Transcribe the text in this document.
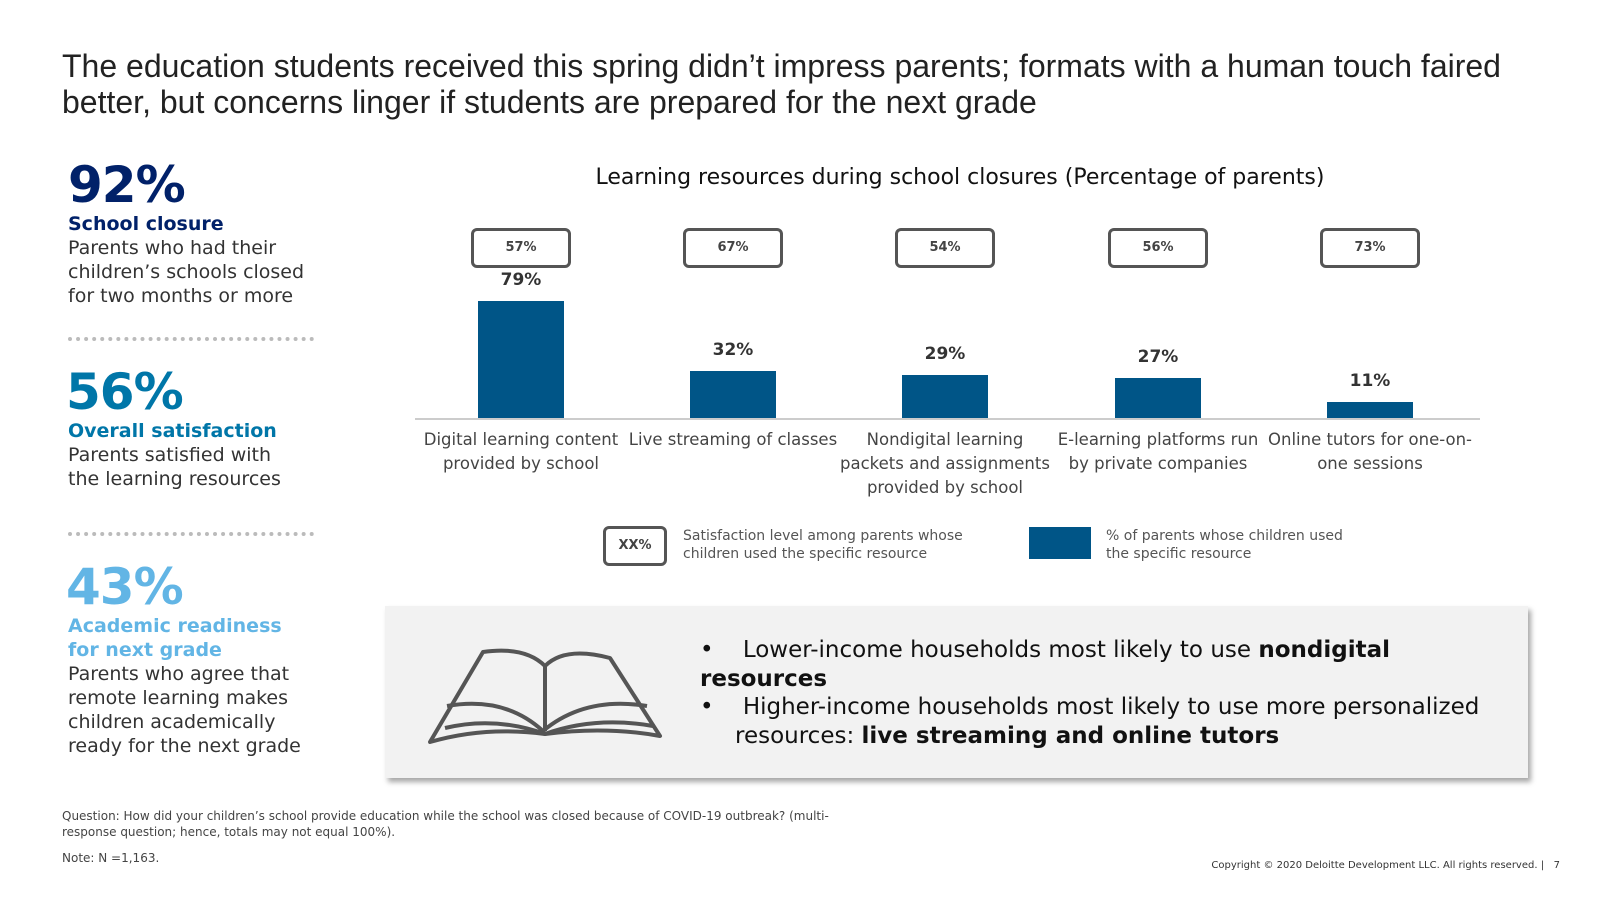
The education students received this spring didn’t impress parents; formats with a human touch faired better, but concerns linger if students are prepared for the next grade
92%
School closure
Parents who had their children’s schools closed for two months or more
56%
Overall satisfaction
Parents satisfied with the learning resources
43%
Academic readiness for next grade
Parents who agree that remote learning makes children academically ready for the next grade
Learning resources during school closures (Percentage of parents)
79%
57%
Digital learning content provided by school
32%
67%
Live streaming of classes
29%
54%
Nondigital learning packets and assignments provided by school
27%
56%
E-learning platforms run by private companies
11%
73%
Online tutors for one-on-one sessions
XX%
Satisfaction level among parents whose children used the specific resource
% of parents whose children used the specific resource
•    Lower-income households most likely to use nondigital resources
•    Higher-income households most likely to use more personalized resources: live streaming and online tutors
Question: How did your children’s school provide education while the school was closed because of COVID-19 outbreak? (multi-response question; hence, totals may not equal 100%).
Note: N =1,163.
Copyright © 2020 Deloitte Development LLC. All rights reserved. | 7
